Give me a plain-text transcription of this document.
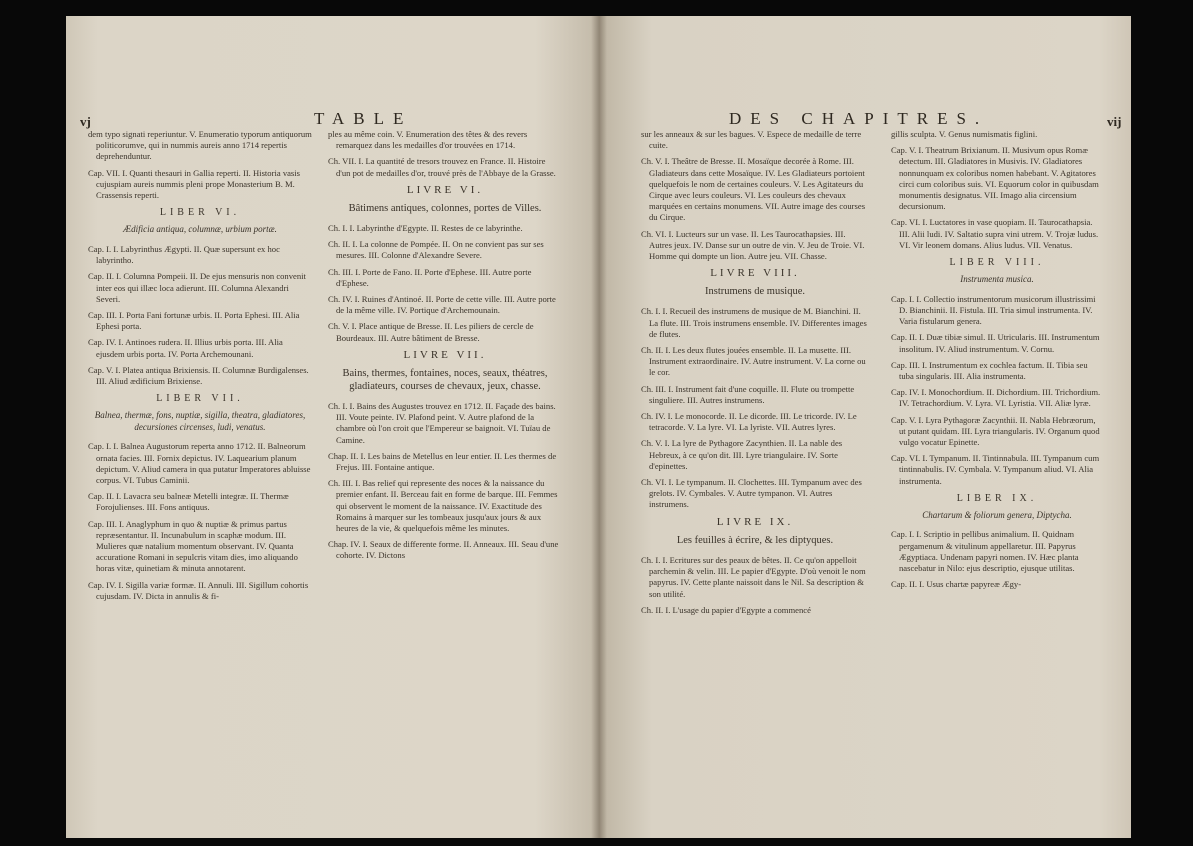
vj	TABLE

dem typo signati reperiuntur. V. Enumeratio typorum antiquorum politicorumve, qui in nummis aureis anno 1714 repertis deprehenduntur.

Cap. VII. I. Quanti thesauri in Gallia reperti. II. Historia vasis cujuspiam aureis nummis pleni prope Monasterium B. M. Crassensis reperti.

LIBER VI.
Ædificia antiqua, columnæ, urbium portæ.

Cap. I. I. Labyrinthus Ægypti. II. Quæ supersunt ex hoc labyrintho.

Cap. II. I. Columna Pompeii. II. De ejus mensuris non convenit inter eos qui illæc loca adierunt. III. Columna Alexandri Severi.

Cap. III. I. Porta Fani fortunæ urbis. II. Porta Ephesi. III. Alia Ephesi porta.

Cap. IV. I. Antinoes rudera. II. Illius urbis porta. III. Alia ejusdem urbis porta. IV. Porta Archemounani.

Cap. V. I. Platea antiqua Brixiensis. II. Columnæ Burdigalenses. III. Aliud ædificium Brixiense.

LIBER VII.
Balnea, thermæ, fons, nuptiæ, sigilla, theatra, gladiatores, decursiones circenses, ludi, venatus.

Cap. I. I. Balnea Augustorum reperta anno 1712. II. Balneorum ornata facies. III. Fornix depictus. IV. Laquearium planum depictum. V. Aliud camera in qua putatur Imperatores abluisse corpus. VI. Tubus Caminii.

Cap. II. I. Lavacra seu balneæ Metelli integræ. II. Thermæ Forojulienses. III. Fons antiquus.

Cap. III. I. Anaglyphum in quo & nuptiæ & primus partus repræsentantur. II. Incunabulum in scaphæ modum. III. Mulieres quæ natalium momentum observant. IV. Quanta accuratione Romani in sepulcris vitam dies, imo aliquando horas vitæ, quinetiam & minuta annotarent.

Cap. IV. I. Sigilla variæ formæ. II. Annuli. III. Sigillum cohortis cujusdam. IV. Dicta in annulis & fi-

ples au même coin. V. Enumeration des têtes & des revers remarquez dans les medailles d'or trouvées en 1714.

Ch. VII. I. La quantité de tresors trouvez en France. II. Histoire d'un pot de medailles d'or, trouvé près de l'Abbaye de la Grasse.

LIVRE VI.
Bâtimens antiques, colonnes, portes de Villes.

Ch. I. I. Labyrinthe d'Egypte. II. Restes de ce labyrinthe.

Ch. II. I. La colonne de Pompée. II. On ne convient pas sur ses mesures. III. Colonne d'Alexandre Severe.

Ch. III. I. Porte de Fano. II. Porte d'Ephese. III. Autre porte d'Ephese.

Ch. IV. I. Ruines d'Antinoé. II. Porte de cette ville. III. Autre porte de la même ville. IV. Portique d'Archemounain.

Ch. V. I. Place antique de Bresse. II. Les piliers de cercle de Bourdeaux. III. Autre bâtiment de Bresse.

LIVRE VII.
Bains, thermes, fontaines, noces, seaux, théatres, gladiateurs, courses de chevaux, jeux, chasse.

Ch. I. I. Bains des Augustes trouvez en 1712. II. Façade des bains. III. Voute peinte. IV. Plafond peint. V. Autre plafond de la chambre où l'on croit que l'Empereur se baignoit. VI. Tuïau de Camine.

Chap. II. I. Les bains de Metellus en leur entier. II. Les thermes de Frejus. III. Fontaine antique.

Ch. III. I. Bas relief qui represente des noces & la naissance du premier enfant. II. Berceau fait en forme de barque. III. Femmes qui observent le moment de la naissance. IV. Exactitude des Romains à marquer sur les tombeaux jusqu'aux jours & aux heures de la vie, & quelquefois même les minutes.

Chap. IV. I. Seaux de differente forme. II. Anneaux. III. Seau d'une cohorte. IV. Dictons

DES CHAPITRES.	vij

sur les anneaux & sur les bagues. V. Espece de medaille de terre cuite.

Ch. V. I. Theâtre de Bresse. II. Mosaïque decorée à Rome. III. Gladiateurs dans cette Mosaïque. IV. Les Gladiateurs portoient quelquefois le nom de certaines couleurs. V. Les Agitateurs du Cirque avec leurs couleurs. VI. Les couleurs des chevaux marquées en certains monumens. VII. Autre image des courses du Cirque.

Ch. VI. I. Lucteurs sur un vase. II. Les Taurocathapsies. III. Autres jeux. IV. Danse sur un outre de vin. V. Jeu de Troie. VI. Homme qui dompte un lion. Autre jeu. VII. Chasse.

LIVRE VIII.
Instrumens de musique.

Ch. I. I. Recueil des instrumens de musique de M. Bianchini. II. La flute. III. Trois instrumens ensemble. IV. Differentes images de flutes.

Ch. II. I. Les deux flutes jouées ensemble. II. La musette. III. Instrument extraordinaire. IV. Autre instrument. V. La corne ou le cor.

Ch. III. I. Instrument fait d'une coquille. II. Flute ou trompette singuliere. III. Autres instrumens.

Ch. IV. I. Le monocorde. II. Le dicorde. III. Le tricorde. IV. Le tetracorde. V. La lyre. VI. La lyriste. VII. Autres lyres.

Ch. V. I. La lyre de Pythagore Zacynthien. II. La nable des Hebreux, à ce qu'on dit. III. Lyre triangulaire. IV. Sorte d'epinettes.

Ch. VI. I. Le tympanum. II. Clochettes. III. Tympanum avec des grelots. IV. Cymbales. V. Autre tympanon. VI. Autres instrumens.

LIVRE IX.
Les feuilles à écrire, & les diptyques.

Ch. I. I. Ecritures sur des peaux de bêtes. II. Ce qu'on appelloit parchemin & velin. III. Le papier d'Egypte. D'où venoit le nom papyrus. IV. Cette plante naissoit dans le Nil. Sa description & son utilité.

Ch. II. I. L'usage du papier d'Egypte a commencé

gillis sculpta. V. Genus numismatis figlini.

Cap. V. I. Theatrum Brixianum. II. Musivum opus Romæ detectum. III. Gladiatores in Musivis. IV. Gladiatores nonnunquam ex coloribus nomen habebant. V. Agitatores circi cum coloribus suis. VI. Equorum color in quibusdam monumentis designatus. VII. Imago alia circensium decursionum.

Cap. VI. I. Luctatores in vase quopiam. II. Taurocathapsia. III. Alii ludi. IV. Saltatio supra vini utrem. V. Trojæ ludus. VI. Vir leonem domans. Alius ludus. VII. Venatus.

LIBER VIII.
Instrumenta musica.

Cap. I. I. Collectio instrumentorum musicorum illustrissimi D. Bianchinii. II. Fistula. III. Tria simul instrumenta. IV. Varia fistularum genera.

Cap. II. I. Duæ tibiæ simul. II. Utricularis. III. Instrumentum insolitum. IV. Aliud instrumentum. V. Cornu.

Cap. III. I. Instrumentum ex cochlea factum. II. Tibia seu tuba singularis. III. Alia instrumenta.

Cap. IV. I. Monochordium. II. Dichordium. III. Trichordium. IV. Tetrachordium. V. Lyra. VI. Lyristia. VII. Aliæ lyræ.

Cap. V. I. Lyra Pythagoræ Zacynthii. II. Nabla Hebræorum, ut putant quidam. III. Lyra triangularis. IV. Organum quod vulgo vocatur Epinette.

Cap. VI. I. Tympanum. II. Tintinnabula. III. Tympanum cum tintinnabulis. IV. Cymbala. V. Tympanum aliud. VI. Alia instrumenta.

LIBER IX.
Chartarum & foliorum genera, Diptycha.

Cap. I. I. Scriptio in pellibus animalium. II. Quidnam pergamenum & vitulinum appellaretur. III. Papyrus Ægyptiaca. Undenam papyri nomen. IV. Hæc planta nascebatur in Nilo: ejus descriptio, ejusque utilitas.

Cap. II. I. Usus chartæ papyreæ Ægy-
